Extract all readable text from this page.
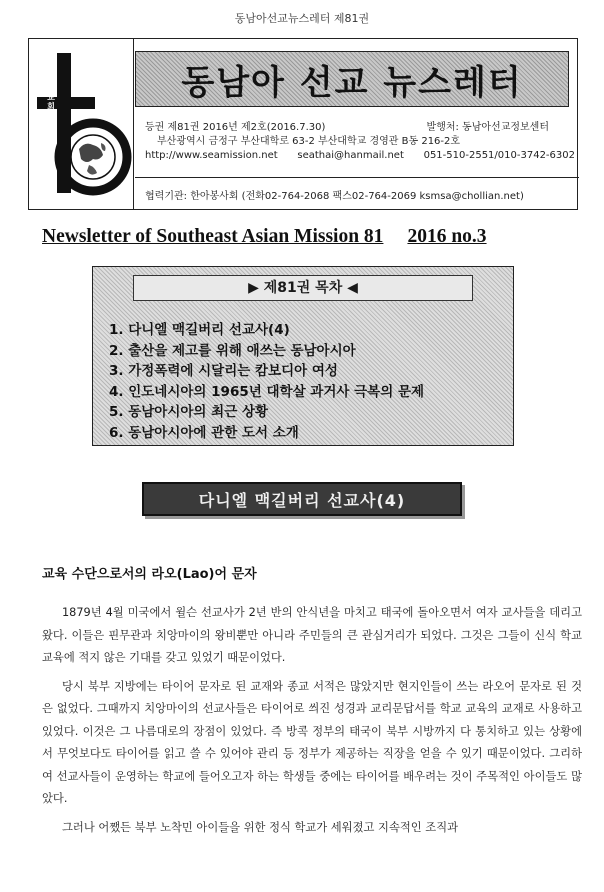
동남아선교뉴스레터 제81권
동
남
아
선
교
회
동남아 선교 뉴스레터
등권 제81권 2016년 제2호(2016.7.30)	발행처: 동남아선교정보센터
부산광역시 금정구 부산대학로 63-2 부산대학교 경영관 B동 216-2호
http://www.seamission.net seathai@hanmail.net 051-510-2551/010-3742-6302
협력기관: 한아봉사회 (전화02-764-2068 팩스02-764-2069 ksmsa@chollian.net)
Newsletter of Southeast Asian Mission 81 2016 no.3
▶ 제81권 목차 ◀
1. 다니엘 맥길버리 선교사(4)
2. 출산을 제고를 위해 애쓰는 동남아시아
3. 가정폭력에 시달리는 캄보디아 여성
4. 인도네시아의 1965년 대학살 과거사 극복의 문제
5. 동남아시아의 최근 상황
6. 동남아시아에 관한 도서 소개
다니엘 맥길버리 선교사(4)
교육 수단으로서의 라오(Lao)어 문자

1879년 4월 미국에서 윌슨 선교사가 2년 반의 안식년을 마치고 태국에 돌아오면서 여자 교사들을 데리고 왔다. 이들은 핀무관과 치앙마이의 왕비뿐만 아니라 주민들의 큰 관심거리가 되었다. 그것은 그들이 신식 학교교육에 적지 않은 기대를 갖고 있었기 때문이었다.

당시 북부 지방에는 타이어 문자로 된 교재와 종교 서적은 많았지만 현지인들이 쓰는 라오어 문자로 된 것은 없었다. 그때까지 치앙마이의 선교사들은 타이어로 씌진 성경과 교리문답서를 학교 교육의 교재로 사용하고 있었다. 이것은 그 나름대로의 장점이 있었다. 즉 방콕 정부의 태국이 북부 시방까지 다 통치하고 있는 상황에서 무엇보다도 타이어를 읽고 쓸 수 있어야 관리 등 정부가 제공하는 직장을 얻을 수 있기 때문이었다. 그리하여 선교사들이 운영하는 학교에 들어오고자 하는 학생들 중에는 타이어를 배우려는 것이 주목적인 아이들도 많았다.

그러나 어쨌든 북부 노착민 아이들을 위한 정식 학교가 세워졌고 지속적인 조직과
